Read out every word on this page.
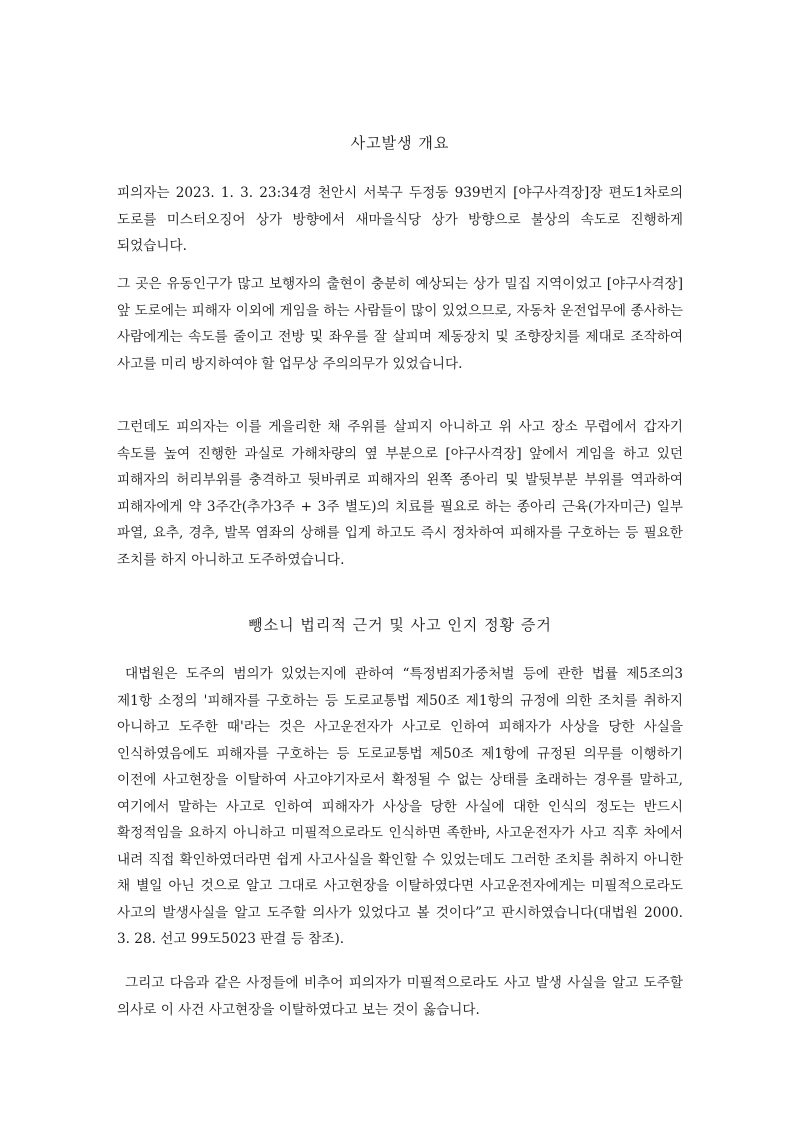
사고발생 개요
피의자는 2023. 1. 3. 23:34경 천안시 서북구 두정동 939번지 [야구사격장]장 편도1차로의 도로를 미스터오징어 상가 방향에서 새마을식당 상가 방향으로 불상의 속도로 진행하게 되었습니다.
그 곳은 유동인구가 많고 보행자의 출현이 충분히 예상되는 상가 밀집 지역이었고 [야구사격장] 앞 도로에는 피해자 이외에 게임을 하는 사람들이 많이 있었으므로, 자동차 운전업무에 종사하는 사람에게는 속도를 줄이고 전방 및 좌우를 잘 살피며 제동장치 및 조향장치를 제대로 조작하여 사고를 미리 방지하여야 할 업무상 주의의무가 있었습니다.
그런데도 피의자는 이를 게을리한 채 주위를 살피지 아니하고 위 사고 장소 무렵에서 갑자기 속도를 높여 진행한 과실로 가해차량의 옆 부분으로 [야구사격장] 앞에서 게임을 하고 있던 피해자의 허리부위를 충격하고 뒷바퀴로 피해자의 왼쪽 종아리 및 발뒷부분 부위를 역과하여 피해자에게 약 3주간(추가3주 + 3주 별도)의 치료를 필요로 하는 종아리 근육(가자미근) 일부 파열, 요추, 경추, 발목 염좌의 상해를 입게 하고도 즉시 정차하여 피해자를 구호하는 등 필요한 조치를 하지 아니하고 도주하였습니다.
뺑소니 법리적 근거 및 사고 인지 정황 증거
대법원은 도주의 범의가 있었는지에 관하여 “특정범죄가중처벌 등에 관한 법률 제5조의3 제1항 소정의 '피해자를 구호하는 등 도로교통법 제50조 제1항의 규정에 의한 조치를 취하지 아니하고 도주한 때'라는 것은 사고운전자가 사고로 인하여 피해자가 사상을 당한 사실을 인식하였음에도 피해자를 구호하는 등 도로교통법 제50조 제1항에 규정된 의무를 이행하기 이전에 사고현장을 이탈하여 사고야기자로서 확정될 수 없는 상태를 초래하는 경우를 말하고, 여기에서 말하는 사고로 인하여 피해자가 사상을 당한 사실에 대한 인식의 정도는 반드시 확정적임을 요하지 아니하고 미필적으로라도 인식하면 족한바, 사고운전자가 사고 직후 차에서 내려 직접 확인하였더라면 쉽게 사고사실을 확인할 수 있었는데도 그러한 조치를 취하지 아니한 채 별일 아닌 것으로 알고 그대로 사고현장을 이탈하였다면 사고운전자에게는 미필적으로라도 사고의 발생사실을 알고 도주할 의사가 있었다고 볼 것이다”고 판시하였습니다(대법원 2000. 3. 28. 선고 99도5023 판결 등 참조).
그리고 다음과 같은 사정들에 비추어 피의자가 미필적으로라도 사고 발생 사실을 알고 도주할 의사로 이 사건 사고현장을 이탈하였다고 보는 것이 옳습니다.
